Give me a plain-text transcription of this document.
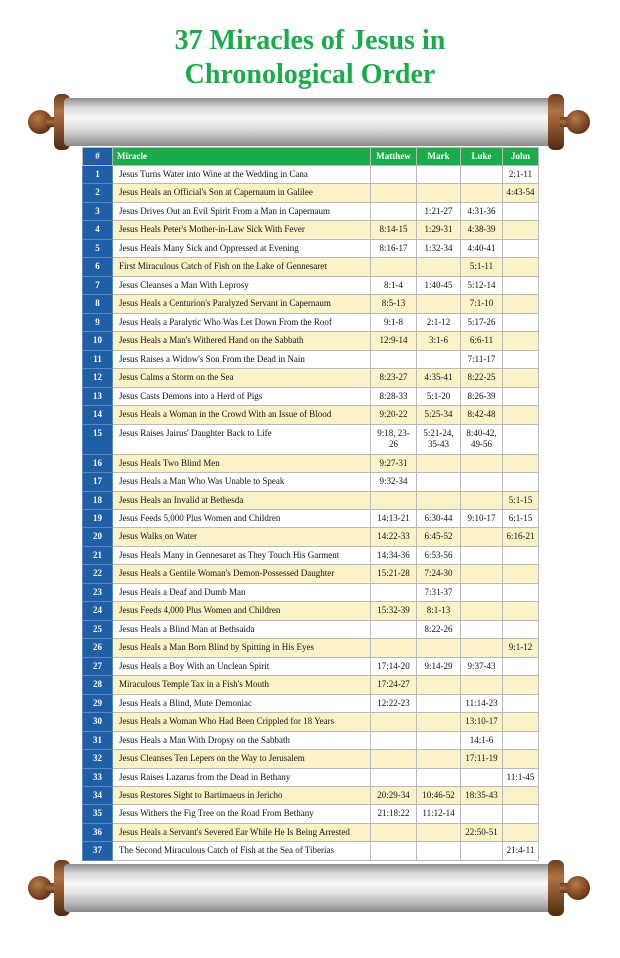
37 Miracles of Jesus in
Chronological Order
#	Miracle	Matthew	Mark	Luke	John
1	Jesus Turns Water into Wine at the Wedding in Cana				2:1-11
2	Jesus Heals an Official's Son at Capernaum in Galilee				4:43-54
3	Jesus Drives Out an Evil Spirit From a Man in Capernaum		1:21-27	4:31-36	
4	Jesus Heals Peter's Mother-in-Law Sick With Fever	8:14-15	1:29-31	4:38-39	
5	Jesus Heals Many Sick and Oppressed at Evening	8:16-17	1:32-34	4:40-41	
6	First Miraculous Catch of Fish on the Lake of Gennesaret			5:1-11	
7	Jesus Cleanses a Man With Leprosy	8:1-4	1:40-45	5:12-14	
8	Jesus Heals a Centurion's Paralyzed Servant in Capernaum	8:5-13		7:1-10	
9	Jesus Heals a Paralytic Who Was Let Down From the Roof	9:1-8	2:1-12	5:17-26	
10	Jesus Heals a Man's Withered Hand on the Sabbath	12:9-14	3:1-6	6:6-11	
11	Jesus Raises a Widow's Son From the Dead in Nain			7:11-17	
12	Jesus Calms a Storm on the Sea	8:23-27	4:35-41	8:22-25	
13	Jesus Casts Demons into a Herd of Pigs	8:28-33	5:1-20	8:26-39	
14	Jesus Heals a Woman in the Crowd With an Issue of Blood	9:20-22	5:25-34	8:42-48	
15	Jesus Raises Jairus' Daughter Back to Life	9:18, 23-26	5:21-24, 35-43	8:40-42, 49-56	
16	Jesus Heals Two Blind Men	9:27-31			
17	Jesus Heals a Man Who Was Unable to Speak	9:32-34			
18	Jesus Heals an Invalid at Bethesda				5:1-15
19	Jesus Feeds 5,000 Plus Women and Children	14:13-21	6:30-44	9:10-17	6:1-15
20	Jesus Walks on Water	14:22-33	6:45-52		6:16-21
21	Jesus Heals Many in Gennesaret as They Touch His Garment	14:34-36	6:53-56		
22	Jesus Heals a Gentile Woman's Demon-Possessed Daughter	15:21-28	7:24-30		
23	Jesus Heals a Deaf and Dumb Man		7:31-37		
24	Jesus Feeds 4,000 Plus Women and Children	15:32-39	8:1-13		
25	Jesus Heals a Blind Man at Bethsaida		8:22-26		
26	Jesus Heals a Man Born Blind by Spitting in His Eyes				9:1-12
27	Jesus Heals a Boy With an Unclean Spirit	17:14-20	9:14-29	9:37-43	
28	Miraculous Temple Tax in a Fish's Mouth	17:24-27			
29	Jesus Heals a Blind, Mute Demoniac	12:22-23		11:14-23	
30	Jesus Heals a Woman Who Had Been Crippled for 18 Years			13:10-17	
31	Jesus Heals a Man With Dropsy on the Sabbath			14:1-6	
32	Jesus Cleanses Ten Lepers on the Way to Jerusalem			17:11-19	
33	Jesus Raises Lazarus from the Dead in Bethany				11:1-45
34	Jesus Restores Sight to Bartimaeus in Jericho	20:29-34	10:46-52	18:35-43	
35	Jesus Withers the Fig Tree on the Road From Bethany	21:18:22	11:12-14		
36	Jesus Heals a Servant's Severed Ear While He Is Being Arrested			22:50-51	
37	The Second Miraculous Catch of Fish at the Sea of Tiberias				21:4-11
